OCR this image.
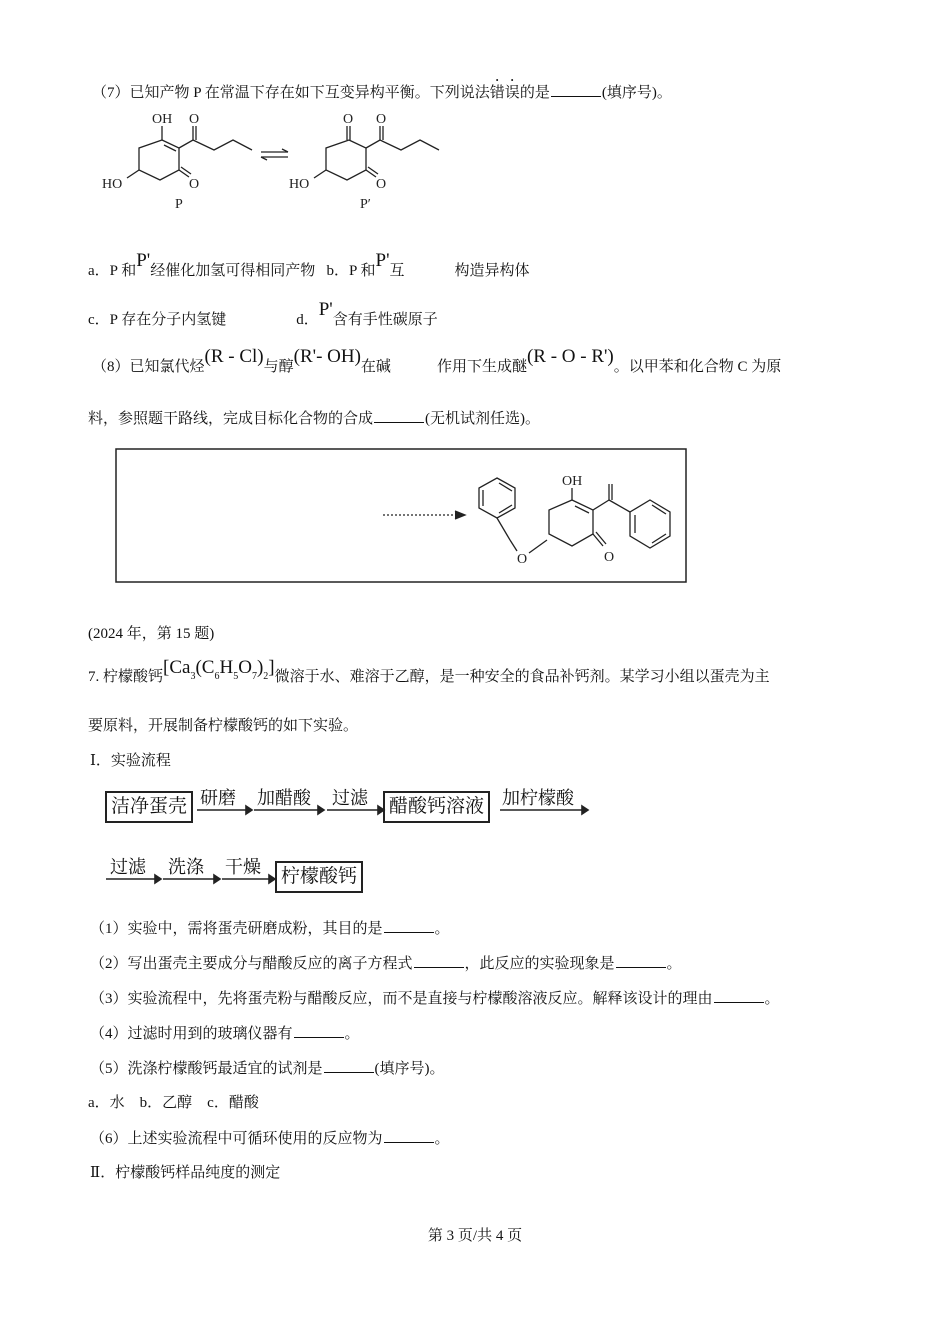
（7）已知产物 P 在常温下存在如下互变异构平衡。下列说法错误的是	(填序号)。
OH O
HO	O
P
O O
HO	O
P′
a．P 和P'经催化加氢可得相同产物 b．P 和P'互	构造异构体
c．P 存在分子内氢键	d．P'含有手性碳原子
（8）已知氯代烃(R - Cl)与醇(R'- OH)在碱	作用下生成醚(R - O - R')。以甲苯和化合物 C 为原
料，参照题干路线，完成目标化合物的合成	(无机试剂任选)。
OH
O	O
(2024 年，第 15 题)
7. 柠檬酸钙$[Ca_3(C_6H_5O_7)_2]$微溶于水、难溶于乙醇，是一种安全的食品补钙剂。某学习小组以蛋壳为主
要原料，开展制备柠檬酸钙的如下实验。
Ⅰ．实验流程
洁净蛋壳 研磨 加醋酸 过滤	醋酸钙溶液 加柠檬酸
过滤 洗涤 干燥	柠檬酸钙
（1）实验中，需将蛋壳研磨成粉，其目的是	。
（2）写出蛋壳主要成分与醋酸反应的离子方程式	，此反应的实验现象是	。
（3）实验流程中，先将蛋壳粉与醋酸反应，而不是直接与柠檬酸溶液反应。解释该设计的理由	。
（4）过滤时用到的玻璃仪器有	。
（5）洗涤柠檬酸钙最适宜的试剂是	(填序号)。
a．水　b．乙醇　c．醋酸
（6）上述实验流程中可循环使用的反应物为	。
Ⅱ．柠檬酸钙样品纯度的测定
第 3 页/共 4 页
